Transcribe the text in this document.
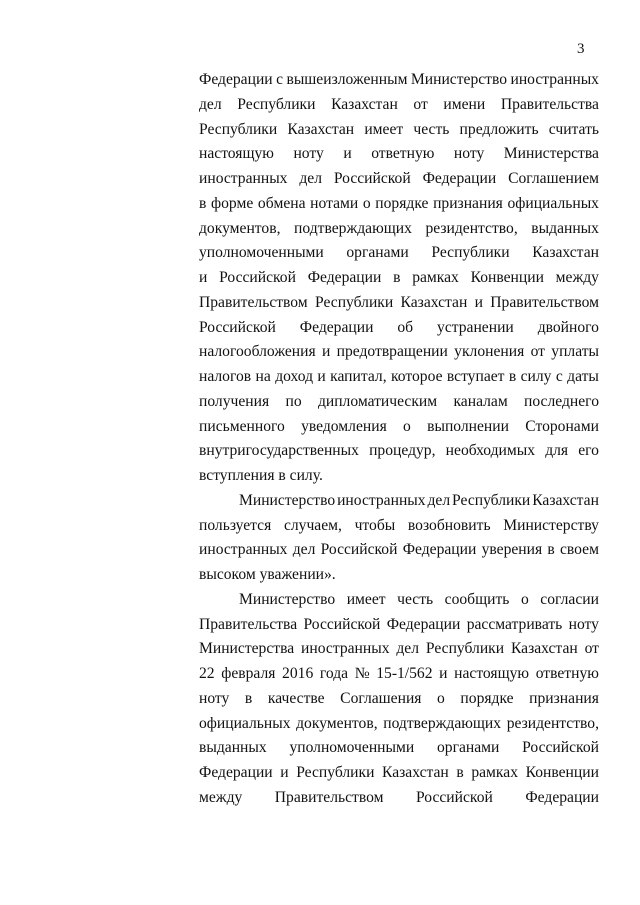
3
Федерации с вышеизложенным Министерство иностранных
дел Республики Казахстан от имени Правительства
Республики Казахстан имеет честь предложить считать
настоящую ноту и ответную ноту Министерства
иностранных дел Российской Федерации Соглашением
в форме обмена нотами о порядке признания официальных
документов, подтверждающих резидентство, выданных
уполномоченными органами Республики Казахстан
и Российской Федерации в рамках Конвенции между
Правительством Республики Казахстан и Правительством
Российской Федерации об устранении двойного
налогообложения и предотвращении уклонения от уплаты
налогов на доход и капитал, которое вступает в силу с даты
получения по дипломатическим каналам последнего
письменного уведомления о выполнении Сторонами
внутригосударственных процедур, необходимых для его
вступления в силу.
Министерство иностранных дел Республики Казахстан
пользуется случаем, чтобы возобновить Министерству
иностранных дел Российской Федерации уверения в своем
высоком уважении».
Министерство имеет честь сообщить о согласии
Правительства Российской Федерации рассматривать ноту
Министерства иностранных дел Республики Казахстан от
22 февраля 2016 года № 15-1/562 и настоящую ответную
ноту в качестве Соглашения о порядке признания
официальных документов, подтверждающих резидентство,
выданных уполномоченными органами Российской
Федерации и Республики Казахстан в рамках Конвенции
между Правительством Российской Федерации
